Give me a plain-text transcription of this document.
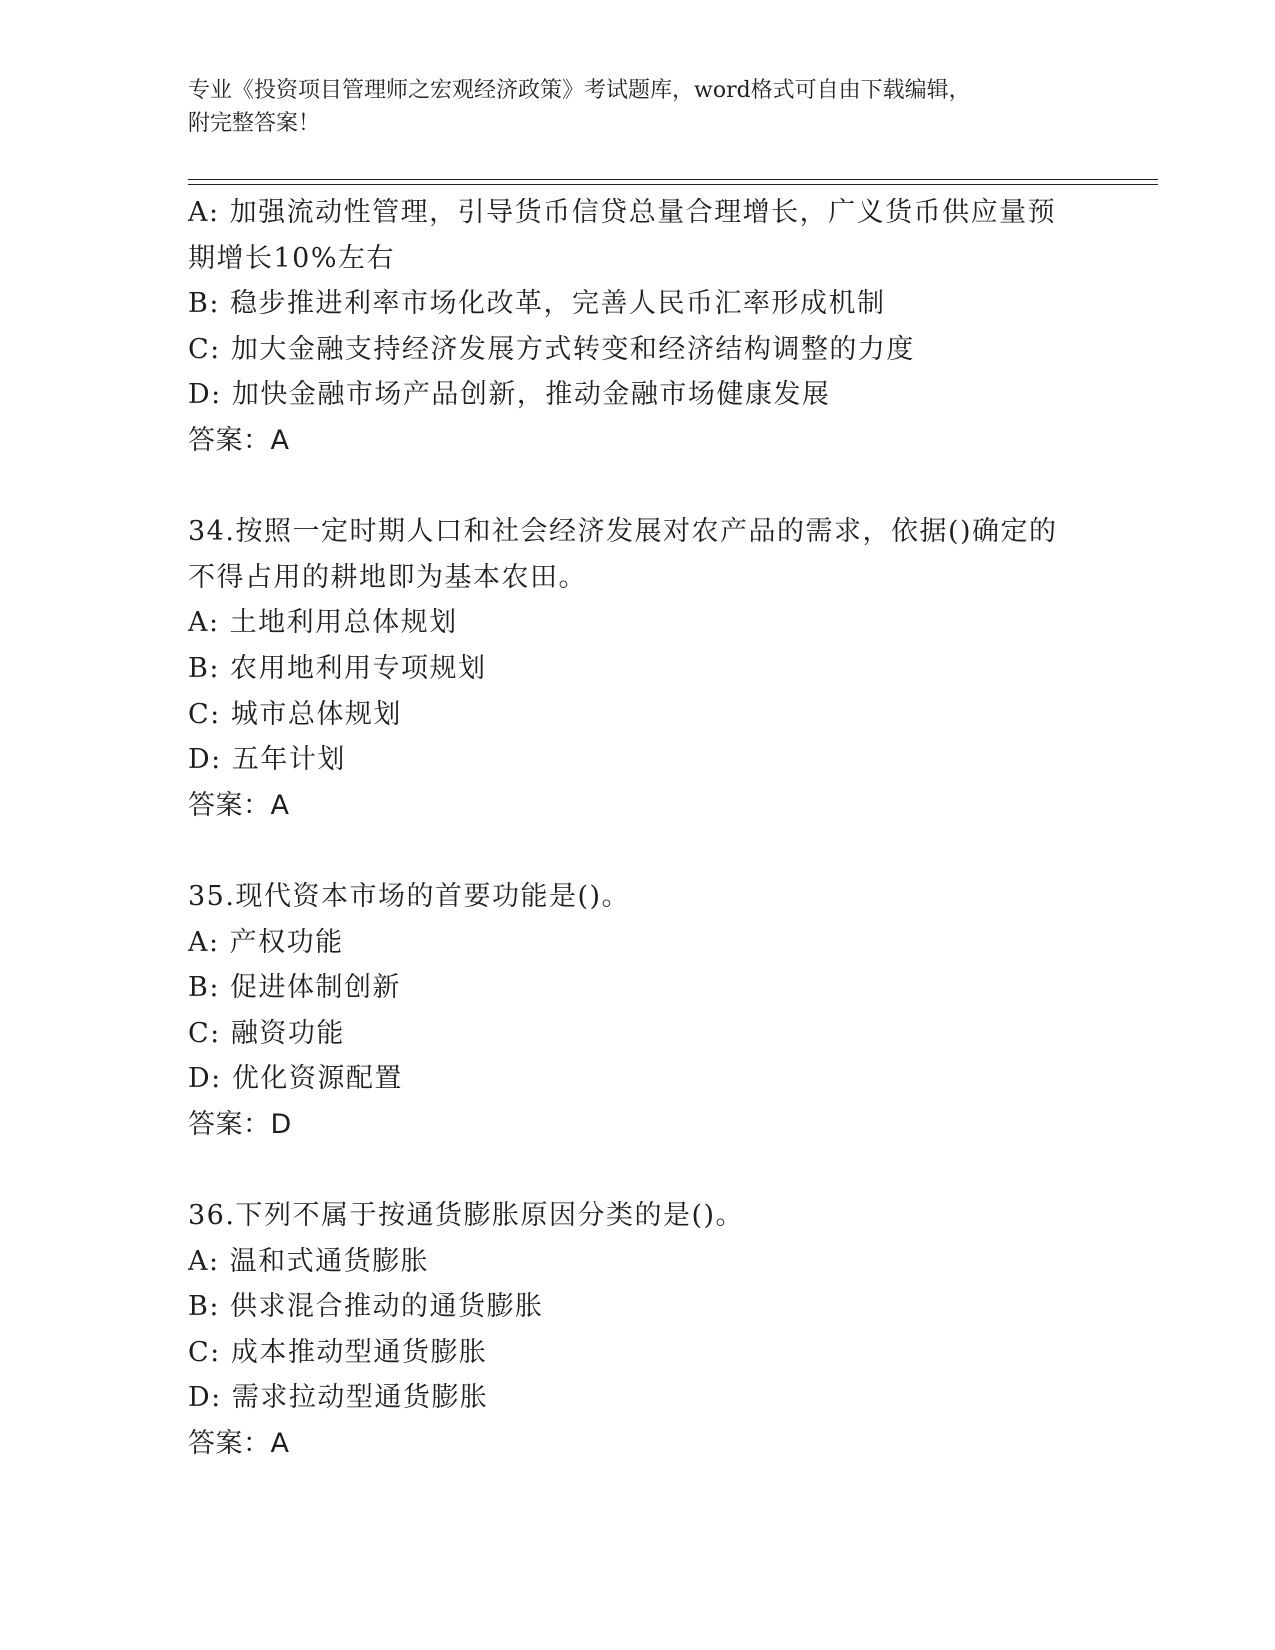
专业《投资项目管理师之宏观经济政策》考试题库，word格式可自由下载编辑，
附完整答案！
A: 加强流动性管理，引导货币信贷总量合理增长，广义货币供应量预
期增长10%左右
B: 稳步推进利率市场化改革，完善人民币汇率形成机制
C: 加大金融支持经济发展方式转变和经济结构调整的力度
D: 加快金融市场产品创新，推动金融市场健康发展
答案：A
34.按照一定时期人口和社会经济发展对农产品的需求，依据()确定的
不得占用的耕地即为基本农田。
A: 土地利用总体规划
B: 农用地利用专项规划
C: 城市总体规划
D: 五年计划
答案：A
35.现代资本市场的首要功能是()。
A: 产权功能
B: 促进体制创新
C: 融资功能
D: 优化资源配置
答案：D
36.下列不属于按通货膨胀原因分类的是()。
A: 温和式通货膨胀
B: 供求混合推动的通货膨胀
C: 成本推动型通货膨胀
D: 需求拉动型通货膨胀
答案：A
